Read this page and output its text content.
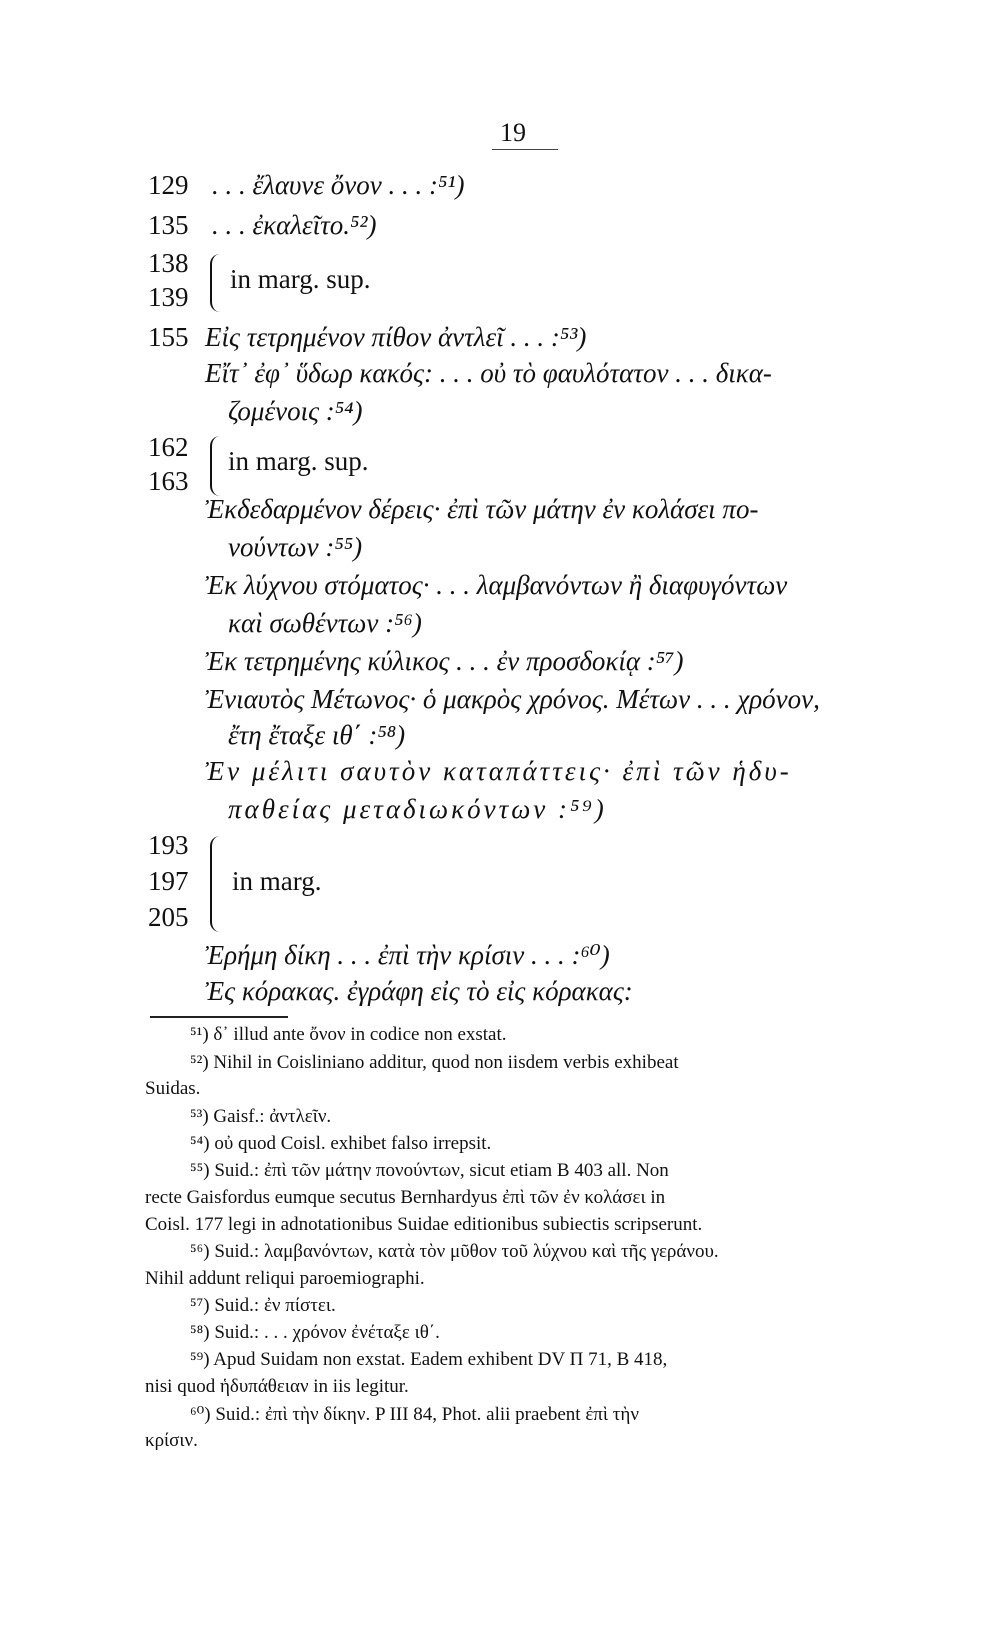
19
129 . . . ἔλαυνε ὄνον . . . :⁵¹)
135 . . . ἐκαλεῖτο.⁵²)
138
139
in marg. sup.
155 Εἰς τετρημένον πίθον ἀντλεῖ . . . :⁵³)
Εἴτ᾽ ἐφ᾽ ὕδωρ κακός: . . . οὐ τὸ φαυλότατον . . . δικα-
ζομένοις :⁵⁴)
162
163
in marg. sup.
Ἐκδεδαρμένον δέρεις· ἐπὶ τῶν μάτην ἐν κολάσει πο-
νούντων :⁵⁵)
Ἐκ λύχνου στόματος· . . . λαμβανόντων ἢ διαφυγόντων
καὶ σωθέντων :⁵⁶)
Ἐκ τετρημένης κύλικος . . . ἐν προσδοκίᾳ :⁵⁷)
Ἐνιαυτὸς Μέτωνος· ὁ μακρὸς χρόνος. Μέτων . . . χρόνον,
ἔτη ἔταξε ιθ΄ :⁵⁸)
Ἐν μέλιτι σαυτὸν καταπάττεις· ἐπὶ τῶν ἡδυ-
παθείας μεταδιωκόντων :⁵⁹)
193
197
205
in marg.
Ἐρήμη δίκη . . . ἐπὶ τὴν κρίσιν . . . :⁶⁰)
Ἐς κόρακας. ἐγράφη εἰς τὸ εἰς κόρακας:
⁵¹) δ᾽ illud ante ὄνον in codice non exstat.
⁵²) Nihil in Coisliniano additur, quod non iisdem verbis exhibeat
Suidas.
⁵³) Gaisf.: ἀντλεῖν.
⁵⁴) οὐ quod Coisl. exhibet falso irrepsit.
⁵⁵) Suid.: ἐπὶ τῶν μάτην πονούντων, sicut etiam B 403 all. Non
recte Gaisfordus eumque secutus Bernhardyus ἐπὶ τῶν ἐν κολάσει in
Coisl. 177 legi in adnotationibus Suidae editionibus subiectis scripserunt.
⁵⁶) Suid.: λαμβανόντων, κατὰ τὸν μῦθον τοῦ λύχνου καὶ τῆς γεράνου.
Nihil addunt reliqui paroemiographi.
⁵⁷) Suid.: ἐν πίστει.
⁵⁸) Suid.: . . . χρόνον ἐνέταξε ιθ΄.
⁵⁹) Apud Suidam non exstat. Eadem exhibent DV Π 71, B 418,
nisi quod ἡδυπάθειαν in iis legitur.
⁶⁰) Suid.: ἐπὶ τὴν δίκην. P III 84, Phot. alii praebent ἐπὶ τὴν
κρίσιν.
